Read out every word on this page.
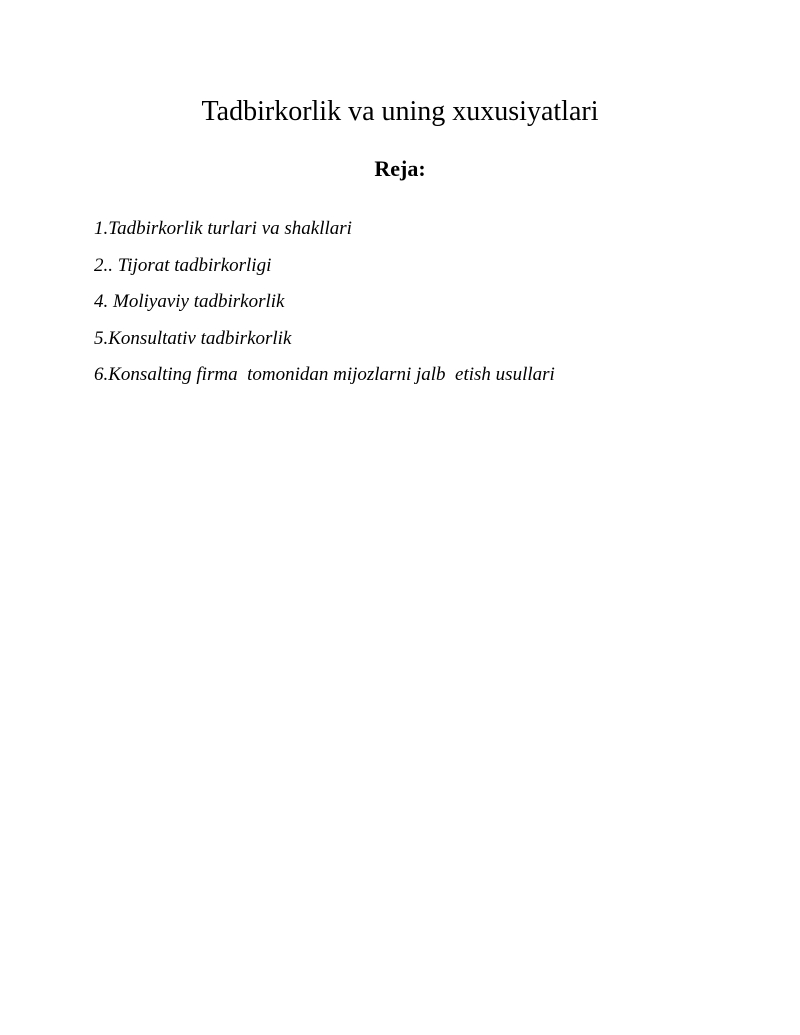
Tadbirkorlik va uning xuxusiyatlari
Reja:
1.Tadbirkorlik turlari va shakllari
2.. Tijorat tadbirkorligi
4. Moliyaviy tadbirkorlik
5.Konsultativ tadbirkorlik
6.Konsalting firma  tomonidan mijozlarni jalb  etish usullari
